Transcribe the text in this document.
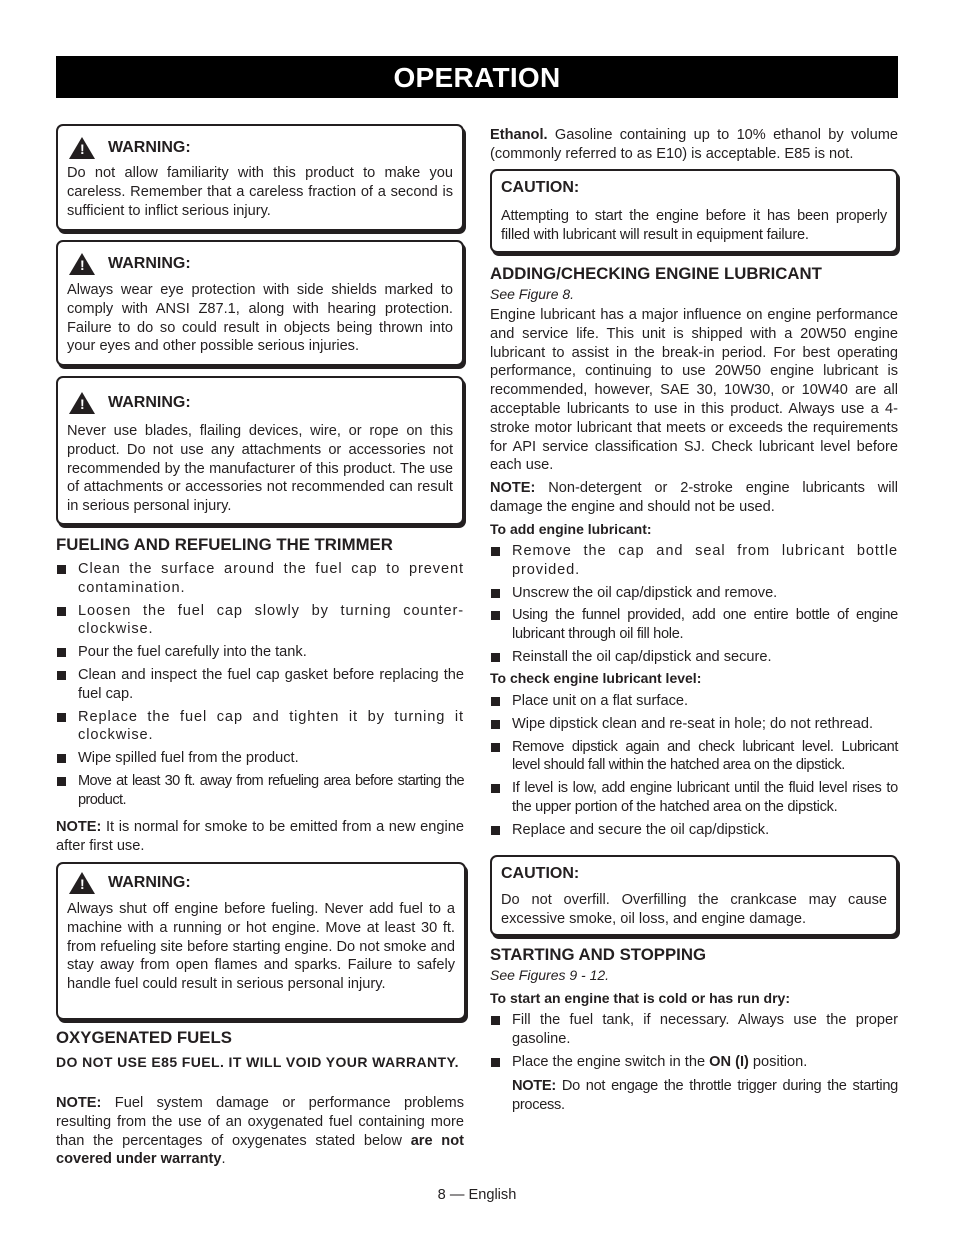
OPERATION
! WARNING:

Do not allow familiarity with this product to make you careless. Remember that a careless fraction of a second is sufficient to inflict serious injury.

! WARNING:

Always wear eye protection with side shields marked to comply with ANSI Z87.1, along with hearing protection. Failure to do so could result in objects being thrown into your eyes and other possible serious injuries.

! WARNING:

Never use blades, flailing devices, wire, or rope on this product. Do not use any attachments or accessories not recommended by the manufacturer of this product. The use of attachments or accessories not recommended can result in serious personal injury.

FUELING AND REFUELING THE TRIMMER
Clean the surface around the fuel cap to prevent contamination.
Loosen the fuel cap slowly by turning counter-clockwise.
Pour the fuel carefully into the tank.
Clean and inspect the fuel cap gasket before replacing the fuel cap.
Replace the fuel cap and tighten it by turning it clockwise.
Wipe spilled fuel from the product.
Move at least 30 ft. away from refueling area before starting the product.

NOTE: It is normal for smoke to be emitted from a new engine after first use.

! WARNING:

Always shut off engine before fueling. Never add fuel to a machine with a running or hot engine. Move at least 30 ft. from refueling site before starting engine. Do not smoke and stay away from open flames and sparks. Failure to safely handle fuel could result in serious personal injury.

OXYGENATED FUELS

DO NOT USE E85 FUEL. IT WILL VOID YOUR WARRANTY.

NOTE: Fuel system damage or performance problems resulting from the use of an oxygenated fuel containing more than the percentages of oxygenates stated below are not covered under warranty.

Ethanol. Gasoline containing up to 10% ethanol by volume (commonly referred to as E10) is acceptable. E85 is not.

CAUTION:

Attempting to start the engine before it has been properly filled with lubricant will result in equipment failure.

ADDING/CHECKING ENGINE LUBRICANT

See Figure 8.

Engine lubricant has a major influence on engine performance and service life. This unit is shipped with a 20W50 engine lubricant to assist in the break-in period. For best operating performance, continuing to use 20W50 engine lubricant is recommended, however, SAE 30, 10W30, or 10W40 are all acceptable lubricants to use in this product. Always use a 4-stroke motor lubricant that meets or exceeds the requirements for API service classification SJ. Check lubricant level before each use.

NOTE: Non-detergent or 2-stroke engine lubricants will damage the engine and should not be used.

To add engine lubricant:

Remove the cap and seal from lubricant bottle provided.
Unscrew the oil cap/dipstick and remove.
Using the funnel provided, add one entire bottle of engine lubricant through oil fill hole.
Reinstall the oil cap/dipstick and secure.

To check engine lubricant level:

Place unit on a flat surface.
Wipe dipstick clean and re-seat in hole; do not rethread.
Remove dipstick again and check lubricant level. Lubricant level should fall within the hatched area on the dipstick.
If level is low, add engine lubricant until the fluid level rises to the upper portion of the hatched area on the dipstick.
Replace and secure the oil cap/dipstick.
CAUTION:

Do not overfill. Overfilling the crankcase may cause excessive smoke, oil loss, and engine damage.

STARTING AND STOPPING

See Figures 9 - 12.

To start an engine that is cold or has run dry:

Fill the fuel tank, if necessary. Always use the proper gasoline.
Place the engine switch in the ON (I) position.

NOTE: Do not engage the throttle trigger during the starting process.

8 — English
